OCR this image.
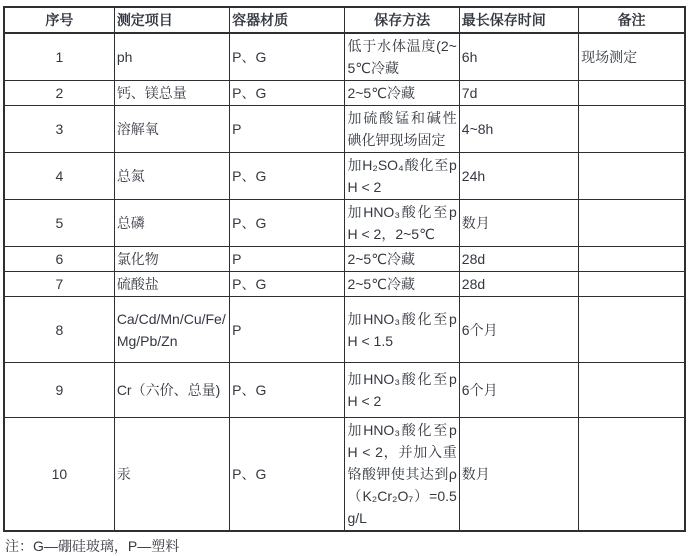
序号	测定项目	容器材质	保存方法	最长保存时间	备注
1	ph	P、G	低于水体温度(2~5℃冷藏	6h	现场测定
2	钙、镁总量	P、G	2~5℃冷藏	7d	
3	溶解氧	P	加硫酸锰和碱性碘化钾现场固定	4~8h	
4	总氮	P、G	加H₂SO₄酸化至pH < 2	24h	
5	总磷	P、G	加HNO₃酸化至pH < 2，2~5℃	数月	
6	氯化物	P	2~5℃冷藏	28d	
7	硫酸盐	P、G	2~5℃冷藏	28d	
8	Ca/Cd/Mn/Cu/Fe/Mg/Pb/Zn	P	加HNO₃酸化至pH < 1.5	6个月	
9	Cr（六价、总量)	P、G	加HNO₃酸化至pH < 2	6个月	
10	汞	P、G	加HNO₃酸化至pH < 2，并加入重铬酸钾使其达到ρ（K₂Cr₂O₇）=0.5g/L	数月	
注：G—硼硅玻璃，P—塑料
